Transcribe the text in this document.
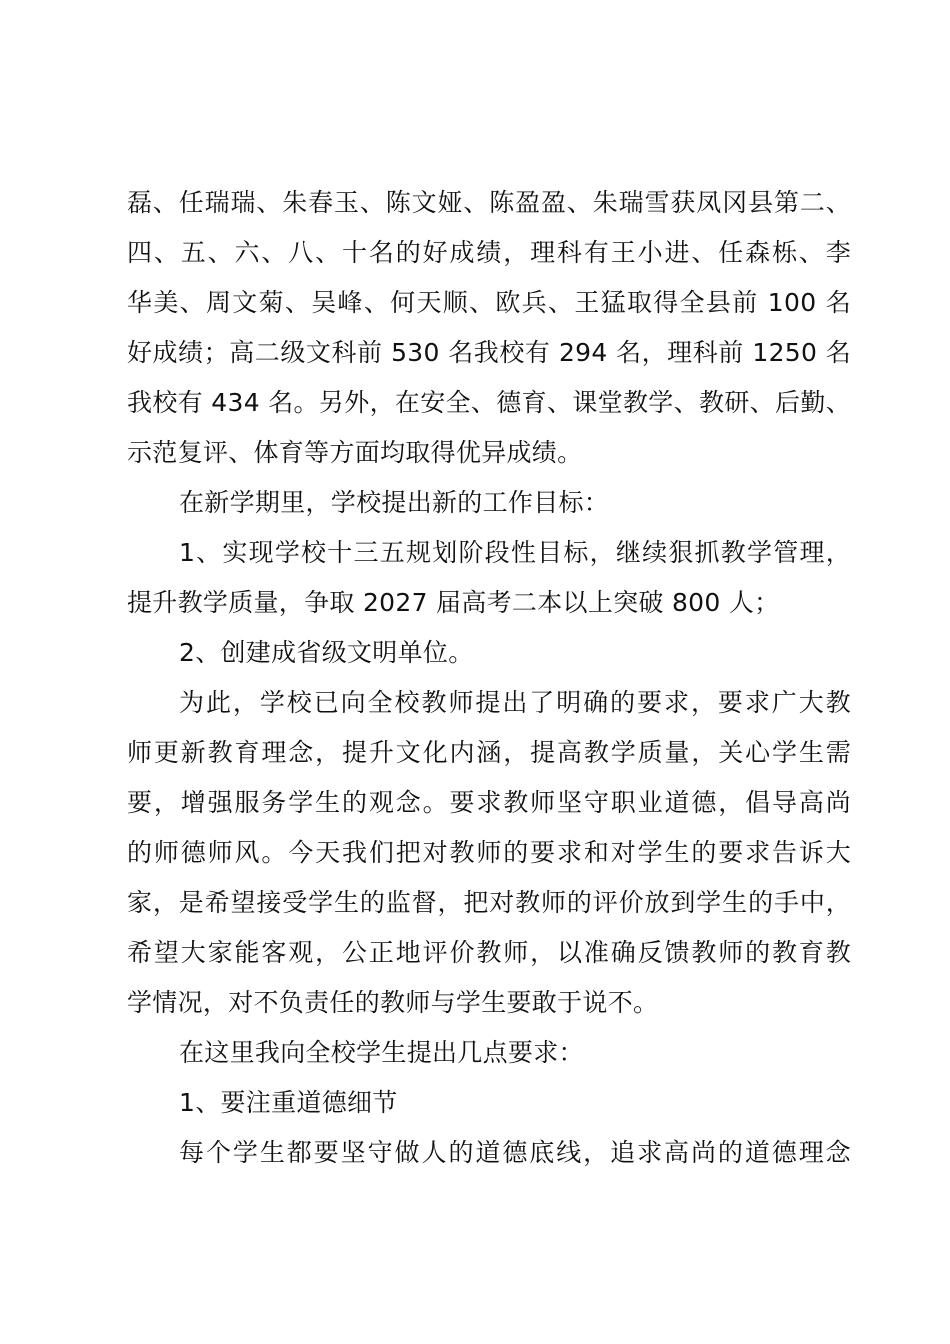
磊、任瑞瑞、朱春玉、陈文娅、陈盈盈、朱瑞雪获凤冈县第二、
四、五、六、八、十名的好成绩，理科有王小进、任森栎、李
华美、周文菊、吴峰、何天顺、欧兵、王猛取得全县前 100 名
好成绩；高二级文科前 530 名我校有 294 名，理科前 1250 名
我校有 434 名。另外，在安全、德育、课堂教学、教研、后勤、
示范复评、体育等方面均取得优异成绩。
在新学期里，学校提出新的工作目标：
1、实现学校十三五规划阶段性目标，继续狠抓教学管理，
提升教学质量，争取 2027 届高考二本以上突破 800 人；
2、创建成省级文明单位。
为此，学校已向全校教师提出了明确的要求，要求广大教
师更新教育理念，提升文化内涵，提高教学质量，关心学生需
要，增强服务学生的观念。要求教师坚守职业道德，倡导高尚
的师德师风。今天我们把对教师的要求和对学生的要求告诉大
家，是希望接受学生的监督，把对教师的评价放到学生的手中，
希望大家能客观，公正地评价教师，以准确反馈教师的教育教
学情况，对不负责任的教师与学生要敢于说不。
在这里我向全校学生提出几点要求：
1、要注重道德细节
每个学生都要坚守做人的道德底线，追求高尚的道德理念
